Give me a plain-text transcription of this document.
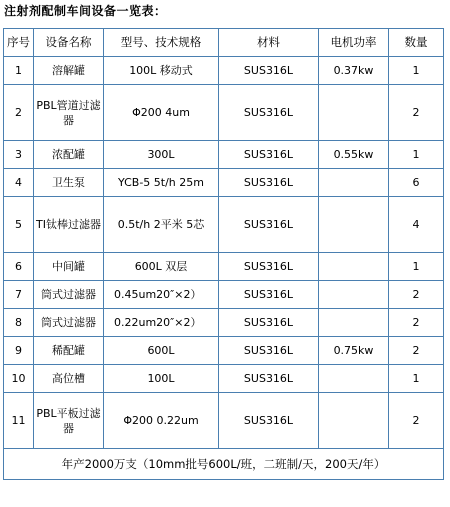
注射剂配制车间设备一览表：
序号	设备名称	型号、技术规格	材料	电机功率	数量
1	溶解罐	100L 移动式	SUS316L	0.37kw	1
2	PBL管道过滤器	Φ200 4um	SUS316L		2
3	浓配罐	300L	SUS316L	0.55kw	1
4	卫生泵	YCB-5 5t/h 25m	SUS316L		6
5	TI钛棒过滤器	0.5t/h 2平米 5芯	SUS316L		4
6	中间罐	600L 双层	SUS316L		1
7	筒式过滤器	0.45um20″×2）	SUS316L		2
8	筒式过滤器	0.22um20″×2）	SUS316L		2
9	稀配罐	600L	SUS316L	0.75kw	2
10	高位槽	100L	SUS316L		1
11	PBL平板过滤器	Φ200 0.22um	SUS316L		2
年产2000万支（10mm批号600L/班，二班制/天，200天/年）					
